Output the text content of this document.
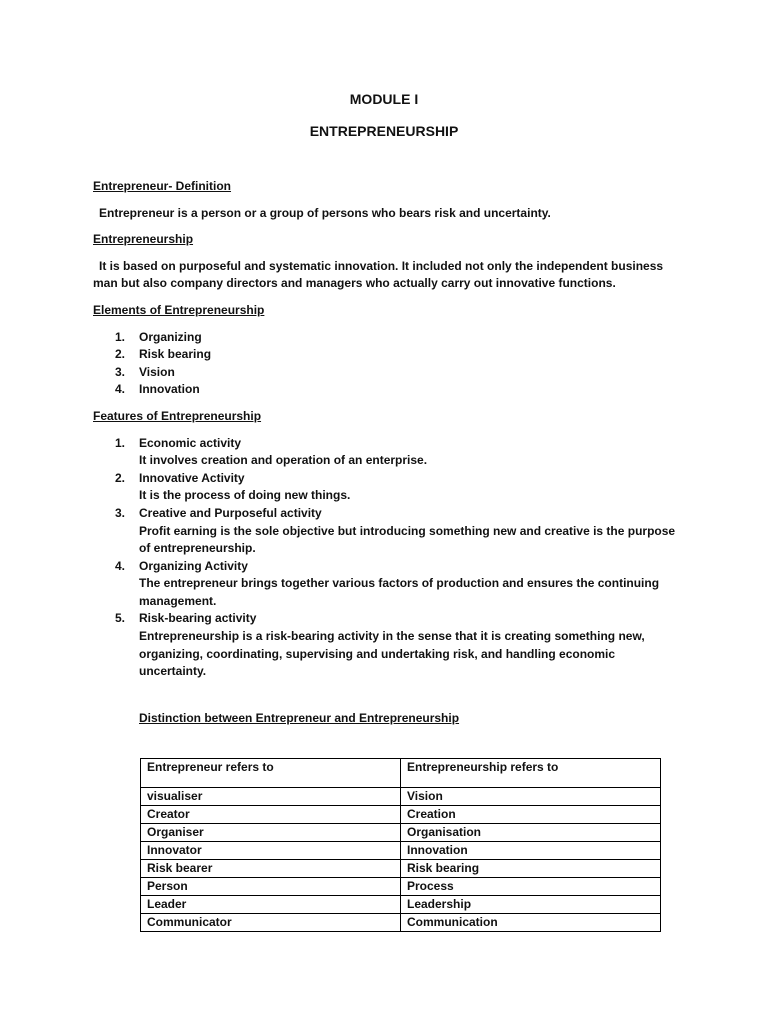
MODULE I
ENTREPRENEURSHIP

Entrepreneur- Definition

Entrepreneur is a person or a group of persons who bears risk and uncertainty.

Entrepreneurship

It is based on purposeful and systematic innovation. It included not only the independent business man but also company directors and managers who actually carry out innovative functions.

Elements of Entrepreneurship

1. Organizing
2. Risk bearing
3. Vision
4. Innovation

Features of Entrepreneurship

1. Economic activity
It involves creation and operation of an enterprise.
2. Innovative Activity
It is the process of doing new things.
3. Creative and Purposeful activity
Profit earning is the sole objective but introducing something new and creative is the purpose of entrepreneurship.
4. Organizing Activity
The entrepreneur brings together various factors of production and ensures the continuing management.
5. Risk-bearing activity
Entrepreneurship is a risk-bearing activity in the sense that it is creating something new, organizing, coordinating, supervising and undertaking risk, and handling economic uncertainty.

Distinction between Entrepreneur and Entrepreneurship

Entrepreneur refers to	Entrepreneurship refers to
visualiser	Vision
Creator	Creation
Organiser	Organisation
Innovator	Innovation
Risk bearer	Risk bearing
Person	Process
Leader	Leadership
Communicator	Communication
